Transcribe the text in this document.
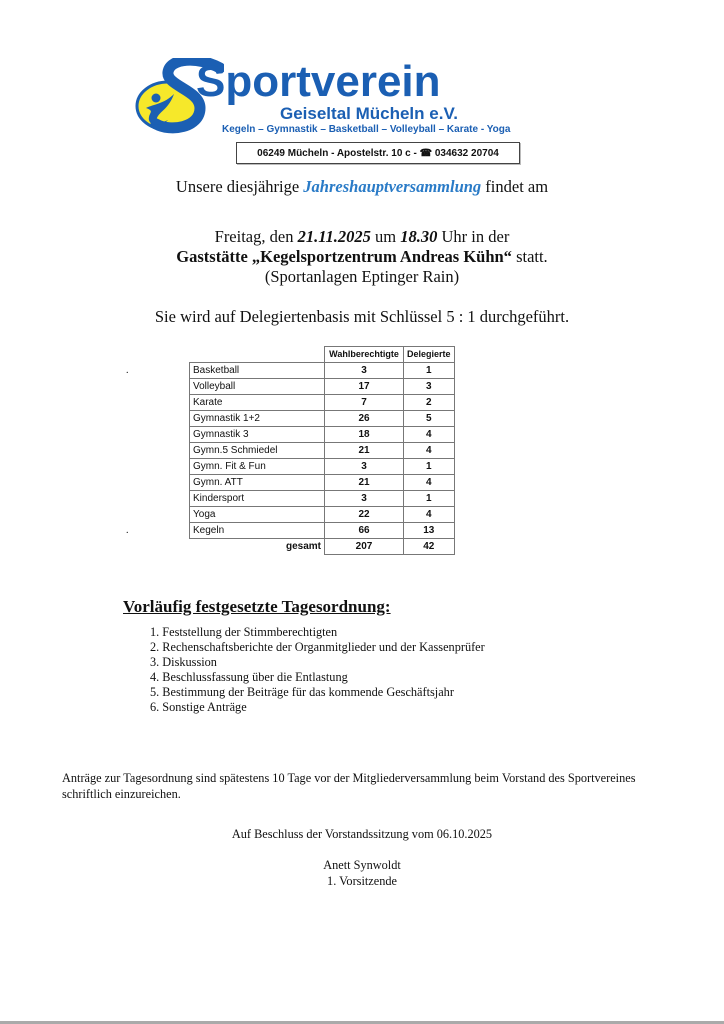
Sportverein
Geiseltal Mücheln e.V.
Kegeln – Gymnastik – Basketball – Volleyball – Karate - Yoga
06249 Mücheln - Apostelstr. 10 c -
☎
034632 20704
Unsere diesjährige Jahreshauptversammlung findet am
Freitag, den 21.11.2025 um 18.30 Uhr in der
Gaststätte „Kegelsportzentrum Andreas Kühn“ statt.
(Sportanlagen Eptinger Rain)
Sie wird auf Delegiertenbasis mit Schlüssel 5 : 1 durchgeführt.
.
.
	Wahlberechtigte	Delegierte
Basketball	3	1
Volleyball	17	3
Karate	7	2
Gymnastik 1+2	26	5
Gymnastik 3	18	4
Gymn.5 Schmiedel	21	4
Gymn. Fit & Fun	3	1
Gymn. ATT	21	4
Kindersport	3	1
Yoga	22	4
Kegeln	66	13
gesamt	207	42
Vorläufig festgesetzte Tagesordnung:
1. Feststellung der Stimmberechtigten
2. Rechenschaftsberichte der Organmitglieder und der Kassenprüfer
3. Diskussion
4. Beschlussfassung über die Entlastung
5. Bestimmung der Beiträge für das kommende Geschäftsjahr
6. Sonstige Anträge
Anträge zur Tagesordnung sind spätestens 10 Tage vor der Mitgliederversammlung beim Vorstand des Sportvereines schriftlich einzureichen.
Auf Beschluss der Vorstandssitzung vom 06.10.2025
Anett Synwoldt
1. Vorsitzende
